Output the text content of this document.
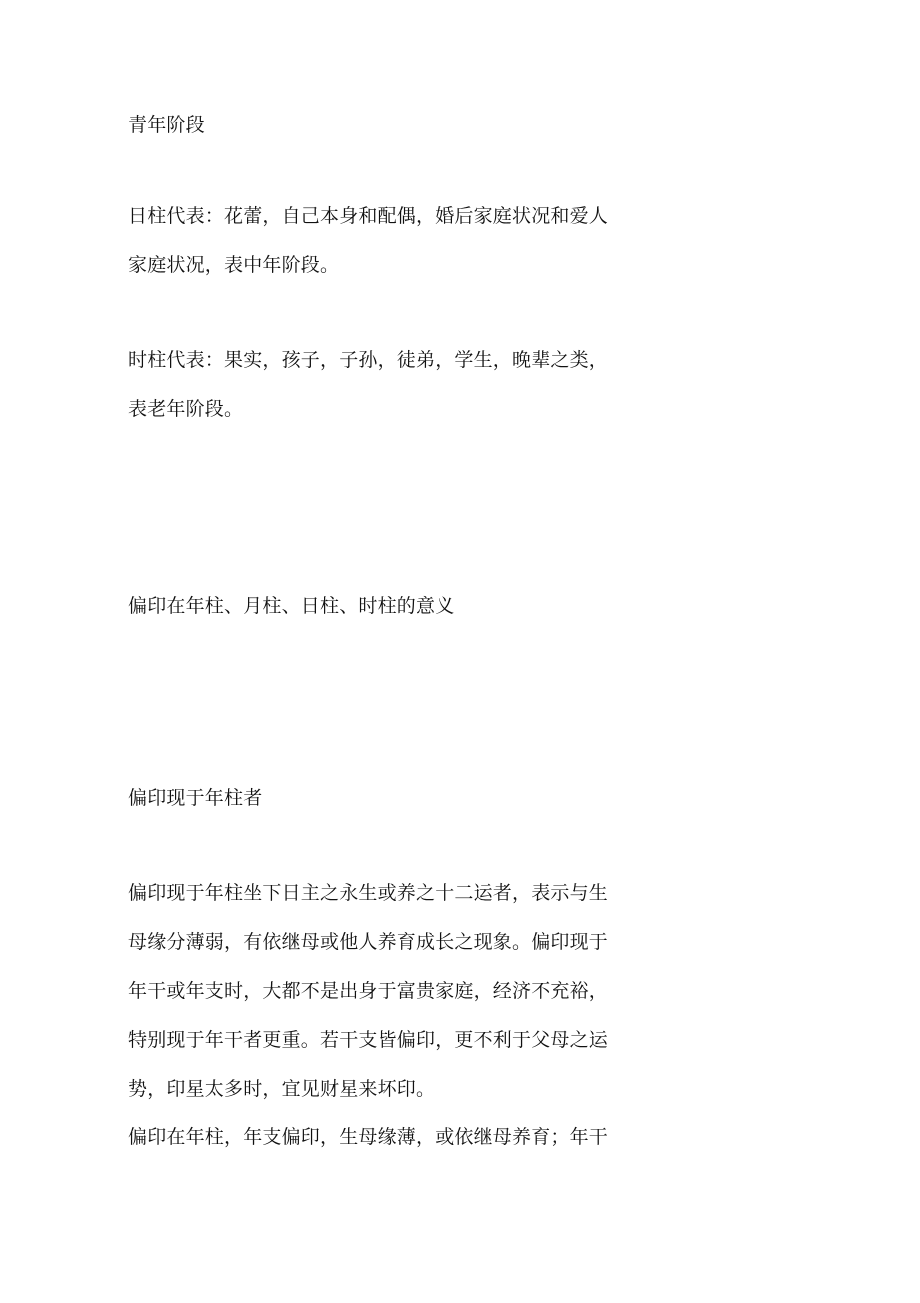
青年阶段

日柱代表：花蕾，自己本身和配偶，婚后家庭状况和爱人

家庭状况，表中年阶段。

时柱代表：果实，孩子，子孙，徒弟，学生，晚辈之类，

表老年阶段。

偏印在年柱、月柱、日柱、时柱的意义

偏印现于年柱者

偏印现于年柱坐下日主之永生或养之十二运者，表示与生

母缘分薄弱，有依继母或他人养育成长之现象。偏印现于

年干或年支时，大都不是出身于富贵家庭，经济不充裕，

特别现于年干者更重。若干支皆偏印，更不利于父母之运

势，印星太多时，宜见财星来坏印。

偏印在年柱，年支偏印，生母缘薄，或依继母养育；年干
